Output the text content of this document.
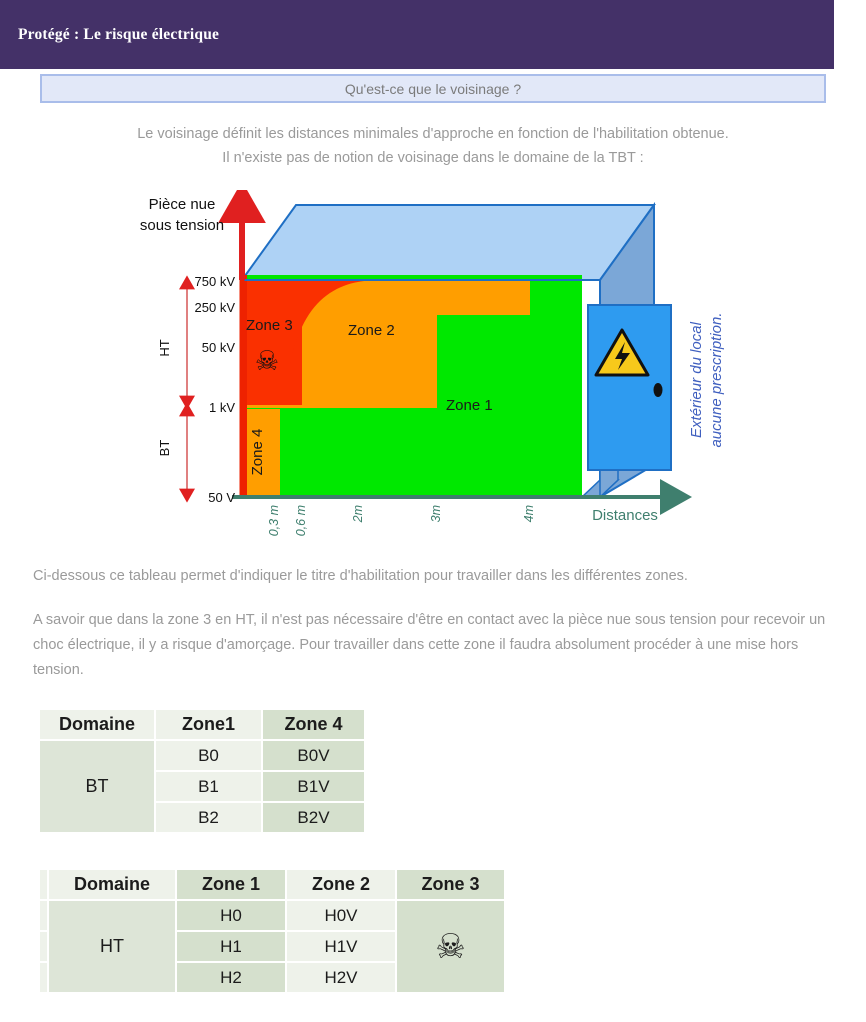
Protégé : Le risque électrique
Qu'est-ce que le voisinage ?
Le voisinage définit les distances minimales d'approche en fonction de l'habilitation obtenue.
Il n'existe pas de notion de voisinage dans le domaine de la TBT :
750 kV
250 kV
50 kV
1 kV
50 V
HT
BT
Pièce nue
sous tension
0,3 m 0,6 m	2m	3m	4m	Distances
Zone 3	Zone 2
Zone 1
Zone 4
☠	Extérieur du local aucune prescription.
Ci-dessous ce tableau permet d'indiquer le titre d'habilitation pour travailler dans les différentes zones.
A savoir que dans la zone 3 en HT, il n'est pas nécessaire d'être en contact avec la pièce nue sous tension pour recevoir un choc électrique, il y a risque d'amorçage. Pour travailler dans cette zone il faudra absolument procéder à une mise hors tension.
Domaine	Zone1	Zone 4
BT	B0	B0V
	B1	B1V
	B2	B2V
	Domaine	Zone 1	Zone 2	Zone 3
	HT	H0	H0V	☠
		H1	H1V	
		H2	H2V	
